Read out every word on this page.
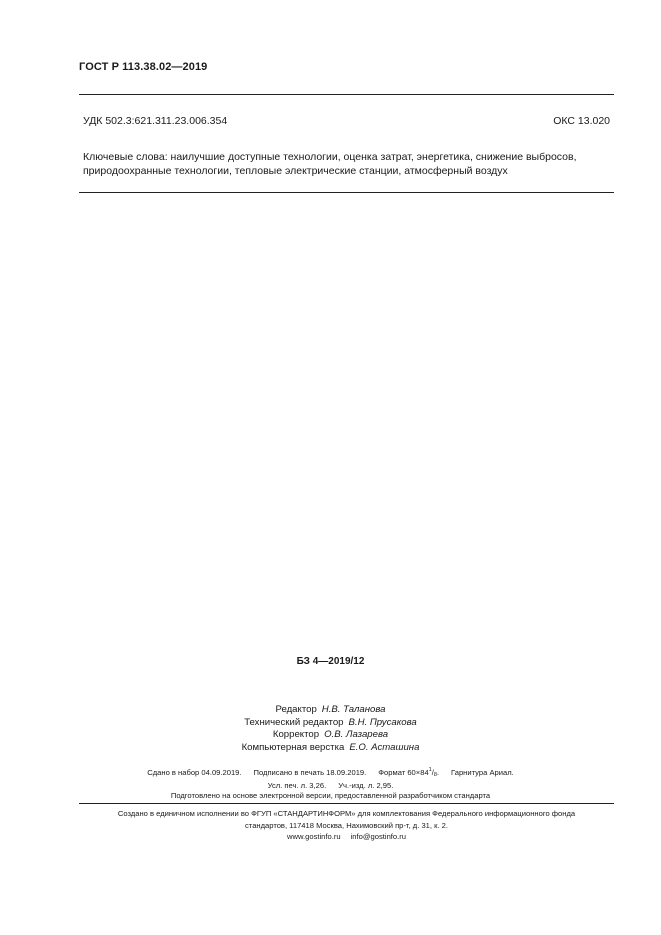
ГОСТ Р 113.38.02—2019
УДК 502.3:621.311.23.006.354	ОКС 13.020
Ключевые слова: наилучшие доступные технологии, оценка затрат, энергетика, снижение выбросов, природоохранные технологии, тепловые электрические станции, атмосферный воздух
БЗ 4—2019/12
Редактор Н.В. Таланова
Технический редактор В.Н. Прусакова
Корректор О.В. Лазарева
Компьютерная верстка Е.О. Асташина
Сдано в набор 04.09.2019. Подписано в печать 18.09.2019. Формат $60\times 84^1/_8$. Гарнитура Ариал.
Усл. печ. л. 3,26. Уч.-изд. л. 2,95.
Подготовлено на основе электронной версии, предоставленной разработчиком стандарта
Создано в единичном исполнении во ФГУП «СТАНДАРТИНФОРМ» для комплектования Федерального информационного фонда
стандартов, 117418 Москва, Нахимовский пр-т, д. 31, к. 2.
www.gostinfo.ru info@gostinfo.ru
